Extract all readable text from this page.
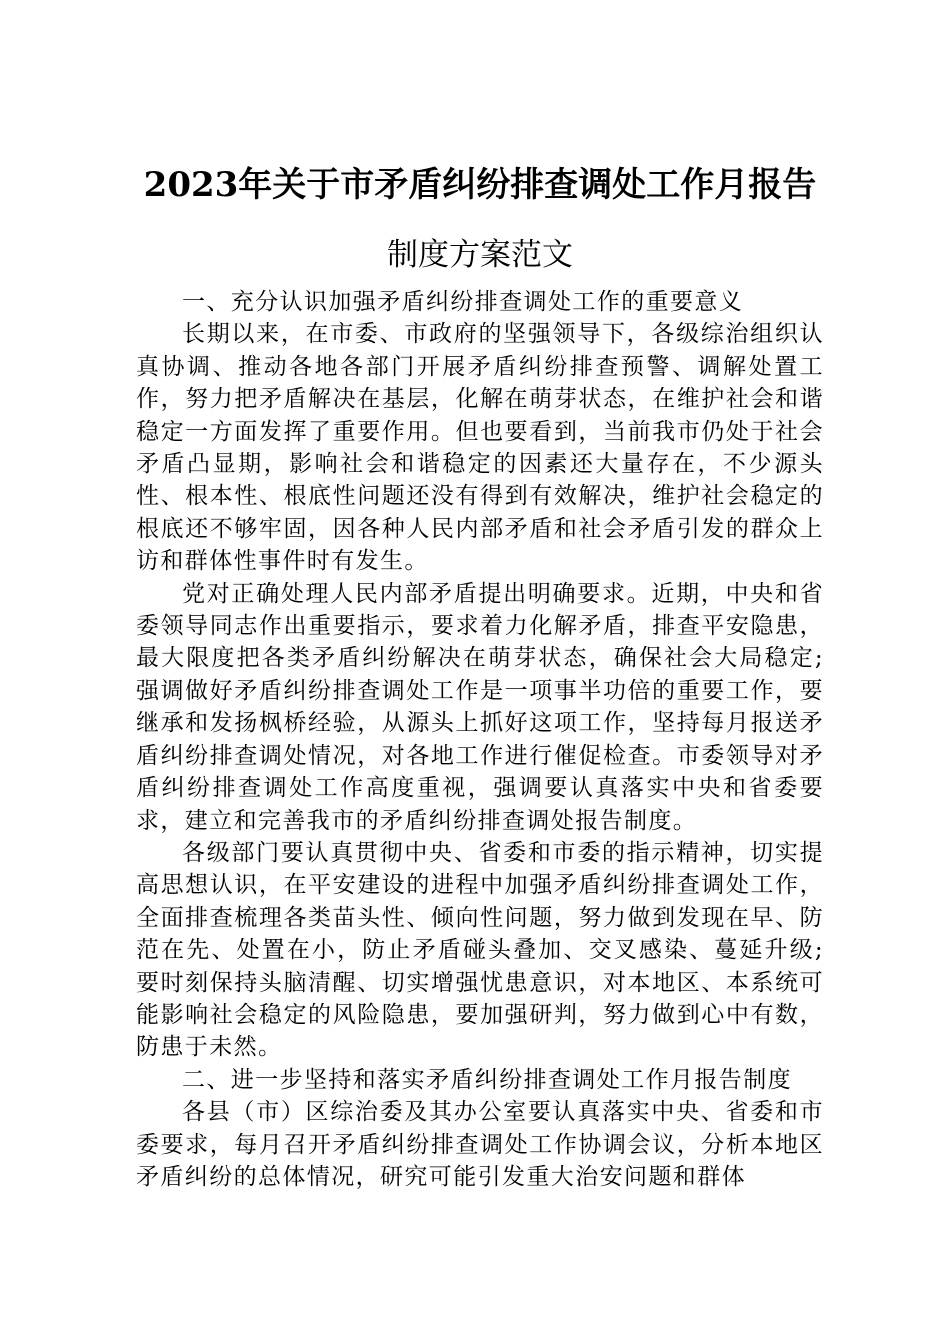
2023年关于市矛盾纠纷排查调处工作月报告
制度方案范文

一、充分认识加强矛盾纠纷排查调处工作的重要意义

长期以来，在市委、市政府的坚强领导下，各级综治组织认真协调、推动各地各部门开展矛盾纠纷排查预警、调解处置工作，努力把矛盾解决在基层，化解在萌芽状态，在维护社会和谐稳定一方面发挥了重要作用。但也要看到，当前我市仍处于社会矛盾凸显期，影响社会和谐稳定的因素还大量存在，不少源头性、根本性、根底性问题还没有得到有效解决，维护社会稳定的根底还不够牢固，因各种人民内部矛盾和社会矛盾引发的群众上访和群体性事件时有发生。

党对正确处理人民内部矛盾提出明确要求。近期，中央和省委领导同志作出重要指示，要求着力化解矛盾，排查平安隐患，最大限度把各类矛盾纠纷解决在萌芽状态，确保社会大局稳定;强调做好矛盾纠纷排查调处工作是一项事半功倍的重要工作，要继承和发扬枫桥经验，从源头上抓好这项工作，坚持每月报送矛盾纠纷排查调处情况，对各地工作进行催促检查。市委领导对矛盾纠纷排查调处工作高度重视，强调要认真落实中央和省委要求，建立和完善我市的矛盾纠纷排查调处报告制度。

各级部门要认真贯彻中央、省委和市委的指示精神，切实提高思想认识，在平安建设的进程中加强矛盾纠纷排查调处工作，全面排查梳理各类苗头性、倾向性问题，努力做到发现在早、防范在先、处置在小，防止矛盾碰头叠加、交叉感染、蔓延升级;要时刻保持头脑清醒、切实增强忧患意识，对本地区、本系统可能影响社会稳定的风险隐患，要加强研判，努力做到心中有数，防患于未然。

二、进一步坚持和落实矛盾纠纷排查调处工作月报告制度

各县（市）区综治委及其办公室要认真落实中央、省委和市委要求，每月召开矛盾纠纷排查调处工作协调会议，分析本地区矛盾纠纷的总体情况，研究可能引发重大治安问题和群体
